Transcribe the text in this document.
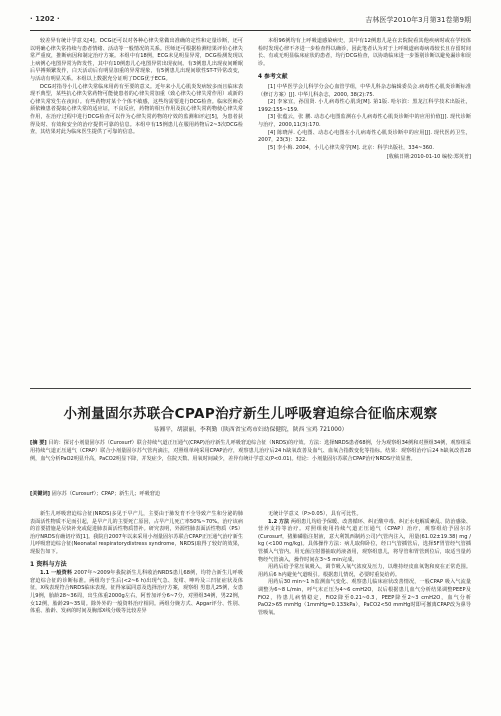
· 1202 ·	吉林医学2010年3月第31卷第9期

较差异有统计学意义[4]。DCG还可以对各种心律失常做出准确的定性和定量诊断，还可以明确心律失常持续与患者情绪、活动等一般情况的关系。医师还可根据检测结果评价心律失常严重度，推断病因和制定治疗方案。本组中有18例，ECG未见明显异常，DCG检测发现以上病例心电图异常为阵发性，其中有10例患儿心电图异常出现夜间。有3例患儿出现夜间睡眠后早搏频繁发作，白天活动后有明显加重的异常现象，有5例患儿出现间歇性ST-T异常改变，与活动有明显关系。本组以上数据充分证明了DCG优于ECG。

DCG对指导小儿心律失常临床用药有至要的意义。近年来小儿心肌炎发病较多而且临床表现不典型，某些抗心律失常药物可能使患者的心律失常加重（致心律失心律失常作用）或新的心律失常发生在夜间）。有些药物对某个个体不敏感，这些均需要进行DCG检查。临床医师必须依赖患者提取心律失常的适应证，不良反应，药物的相互作用及抗心律失常药物使心律失常作用，在治疗过程中进行DCG检查可以作为心律失常药物的疗效的监测和评定[5]，为患者获得及时、有效和安全的治疗提供可靠的信息。本组中有15例患儿在服用药物后2~3次DCG检查，其结果对此为临床医生提供了可靠的信息。

本组96例均有上呼吸道感染病史，其中有12例患儿是在去院院看其他疾病时或在学校体检时发现心律不齐进一步检查得以确诊，因此笔者认为对于上呼吸道病毒病毒较长且存留时间长、有或无明显临床症状的患者，均行DCG检查，以协助临床进一步鉴别诊断以避免漏诊和误诊。

4 参考文献

[1] 中华医学会儿科学分会心血管学组，中华儿科杂志编辑委员会.病毒性心肌炎诊断标准（修订方案）[J]. 中华儿科杂志，2000, 38(2):75.

[2] 李家宜，孙国贤. 小儿病毒性心肌炎[M]. 第1版. 哈尔滨：黑龙江科学技术出版社，1992:155~159.

[3] 张蕴云，张 鹏. 动态心电图监测在小儿病毒性心肌炎诊断中的应用价值[J]. 现代诊断与治疗，2000,11(3):170.

[4] 陈晓萍. 心电图、动态心电图在小儿病毒性心肌炎诊断中的应用[J]. 现代医药卫生，2007，23(3)：322.

[5] 李小梅. 2004，小儿心律失常学[M]. 北京：科学出版社，334~360.

[收稿日期:2010-01-10 编校:郑英普]
小剂量固尔苏联合CPAP治疗新生儿呼吸窘迫综合征临床观察
易湘平，胡淑丽，李利勤（陕西省宝鸡市妇幼保健院，陕西 宝鸡 721000）
[摘 要] 目的：探讨小剂量固尔苏（Curosurf）联合持续气道正压通气(CPAP)治疗新生儿呼吸窘迫综合征（NRDS)的疗效。方法：选择NRDS患者68例，分为观察组34例和对照组34例，观察组采用持续气道正压通气（CPAP）联合小剂量固尔苏气管内滴注，对照组单纯采用CPAP治疗，观察患儿治疗后24 h缺氧改善及血气、血氧合指数变化等指标。结果：观察组治疗后24 h缺氧改善28例，血气分析PaO2明显升高，PaCO2明显下降，并发症少，住院天数、用氧时间减少，差异有统计学意义(P<0.01)。结论：小剂量固尔苏联合CPAP治疗NRDS疗效显著。
[关键词] 固尔苏（Curosurf）；CPAP；新生儿；呼吸窘迫

新生儿呼吸窘迫综合征(NRDS)多见于早产儿，主要由于肺发育不全导致产生和分泌的肺表面活性物质不足而引起，是早产儿的主要死亡原因，占早产儿死亡率50%~70%。治疗该病的首要措施是尽快补充或促进肺表面活性物质替补。研究表明，外源性肺表面活性物质（PS）治疗NRDS有确切疗效[1]。我院自2007年以来采用小剂量固尔苏联合CPAP正压通气治疗新生儿呼吸窘迫综合征(Neonatal respiratorydistress syndrome，NRDS)取得了较好的效果，现报告如下。

1 资料与方法

1.1 一般资料 2007年~2009年我院新生儿科收治NRDS患儿68例，均符合新生儿呼吸窘迫综合征的诊断标准。两组均于生后(<2~6 h)出现气急、发绀、呻吟及三凹征症状及体征，X线表现符合NRDS临床表现。征得家属同意及选择治疗方案，观察组 男患儿25例，女患儿9例，胎龄28~36周，出生体重2000g左右，阿普加评分6~7分，对照组34例，男22例，女12例，胎龄29~35周。除外外的一般资料治疗相同。两组分娩方式、Apgar评分、性别、体重、胎龄、发病的时间及胸部X线分级等比较差异

无统计学意义（P>0.05），具有可比性。

1.2 方法 两组患儿均给予保暖、改善循环、纠正酸中毒、纠正水电解质紊乱、防治感染、营养支持等治疗。对照组使用持续气道正压通气（CPAP）治疗，观察组给予固尔苏(Curosurf，猪肺磷脂注射液，意大利凯西制药公司)气管内注入，用量(61.02±19.38) mg / kg (<100 mg/kg)。具体操作方法：病儿取仰卧位，经口气管插管后，选择5F胃管经气管插管插入气管内。用无菌注射器抽取药液备用，观察组患儿，将导管和胃管到位后，取适当量药物经气管滴入，操作时间在3~5 min完成。

用药后给予常压氧吸入，调节吸入氧气浓度及压力，以维持经皮血氧饱和度在正常范围。用药后6 h内避免气道吸引。根据患儿情况，必要时重复给药。

用药后30 min~1 h监测血气变化、观察患儿临床症状改善情况，一般CPAP 吸入气流量调整为6~8 L/min，呼气末正压为4~6 cmH2O，以后根据患儿血气分析结果调整PEEP及FiO2，待患儿病情稳定，FiO2降至0.21~0.3，PEEP降至2~3 cmH2O，血气分析PaO2>65 mmHg（1mmHg=0.133kPa），PaCO2<50 mmHg时即可撤离CPAP改为鼻导管吸氧。
